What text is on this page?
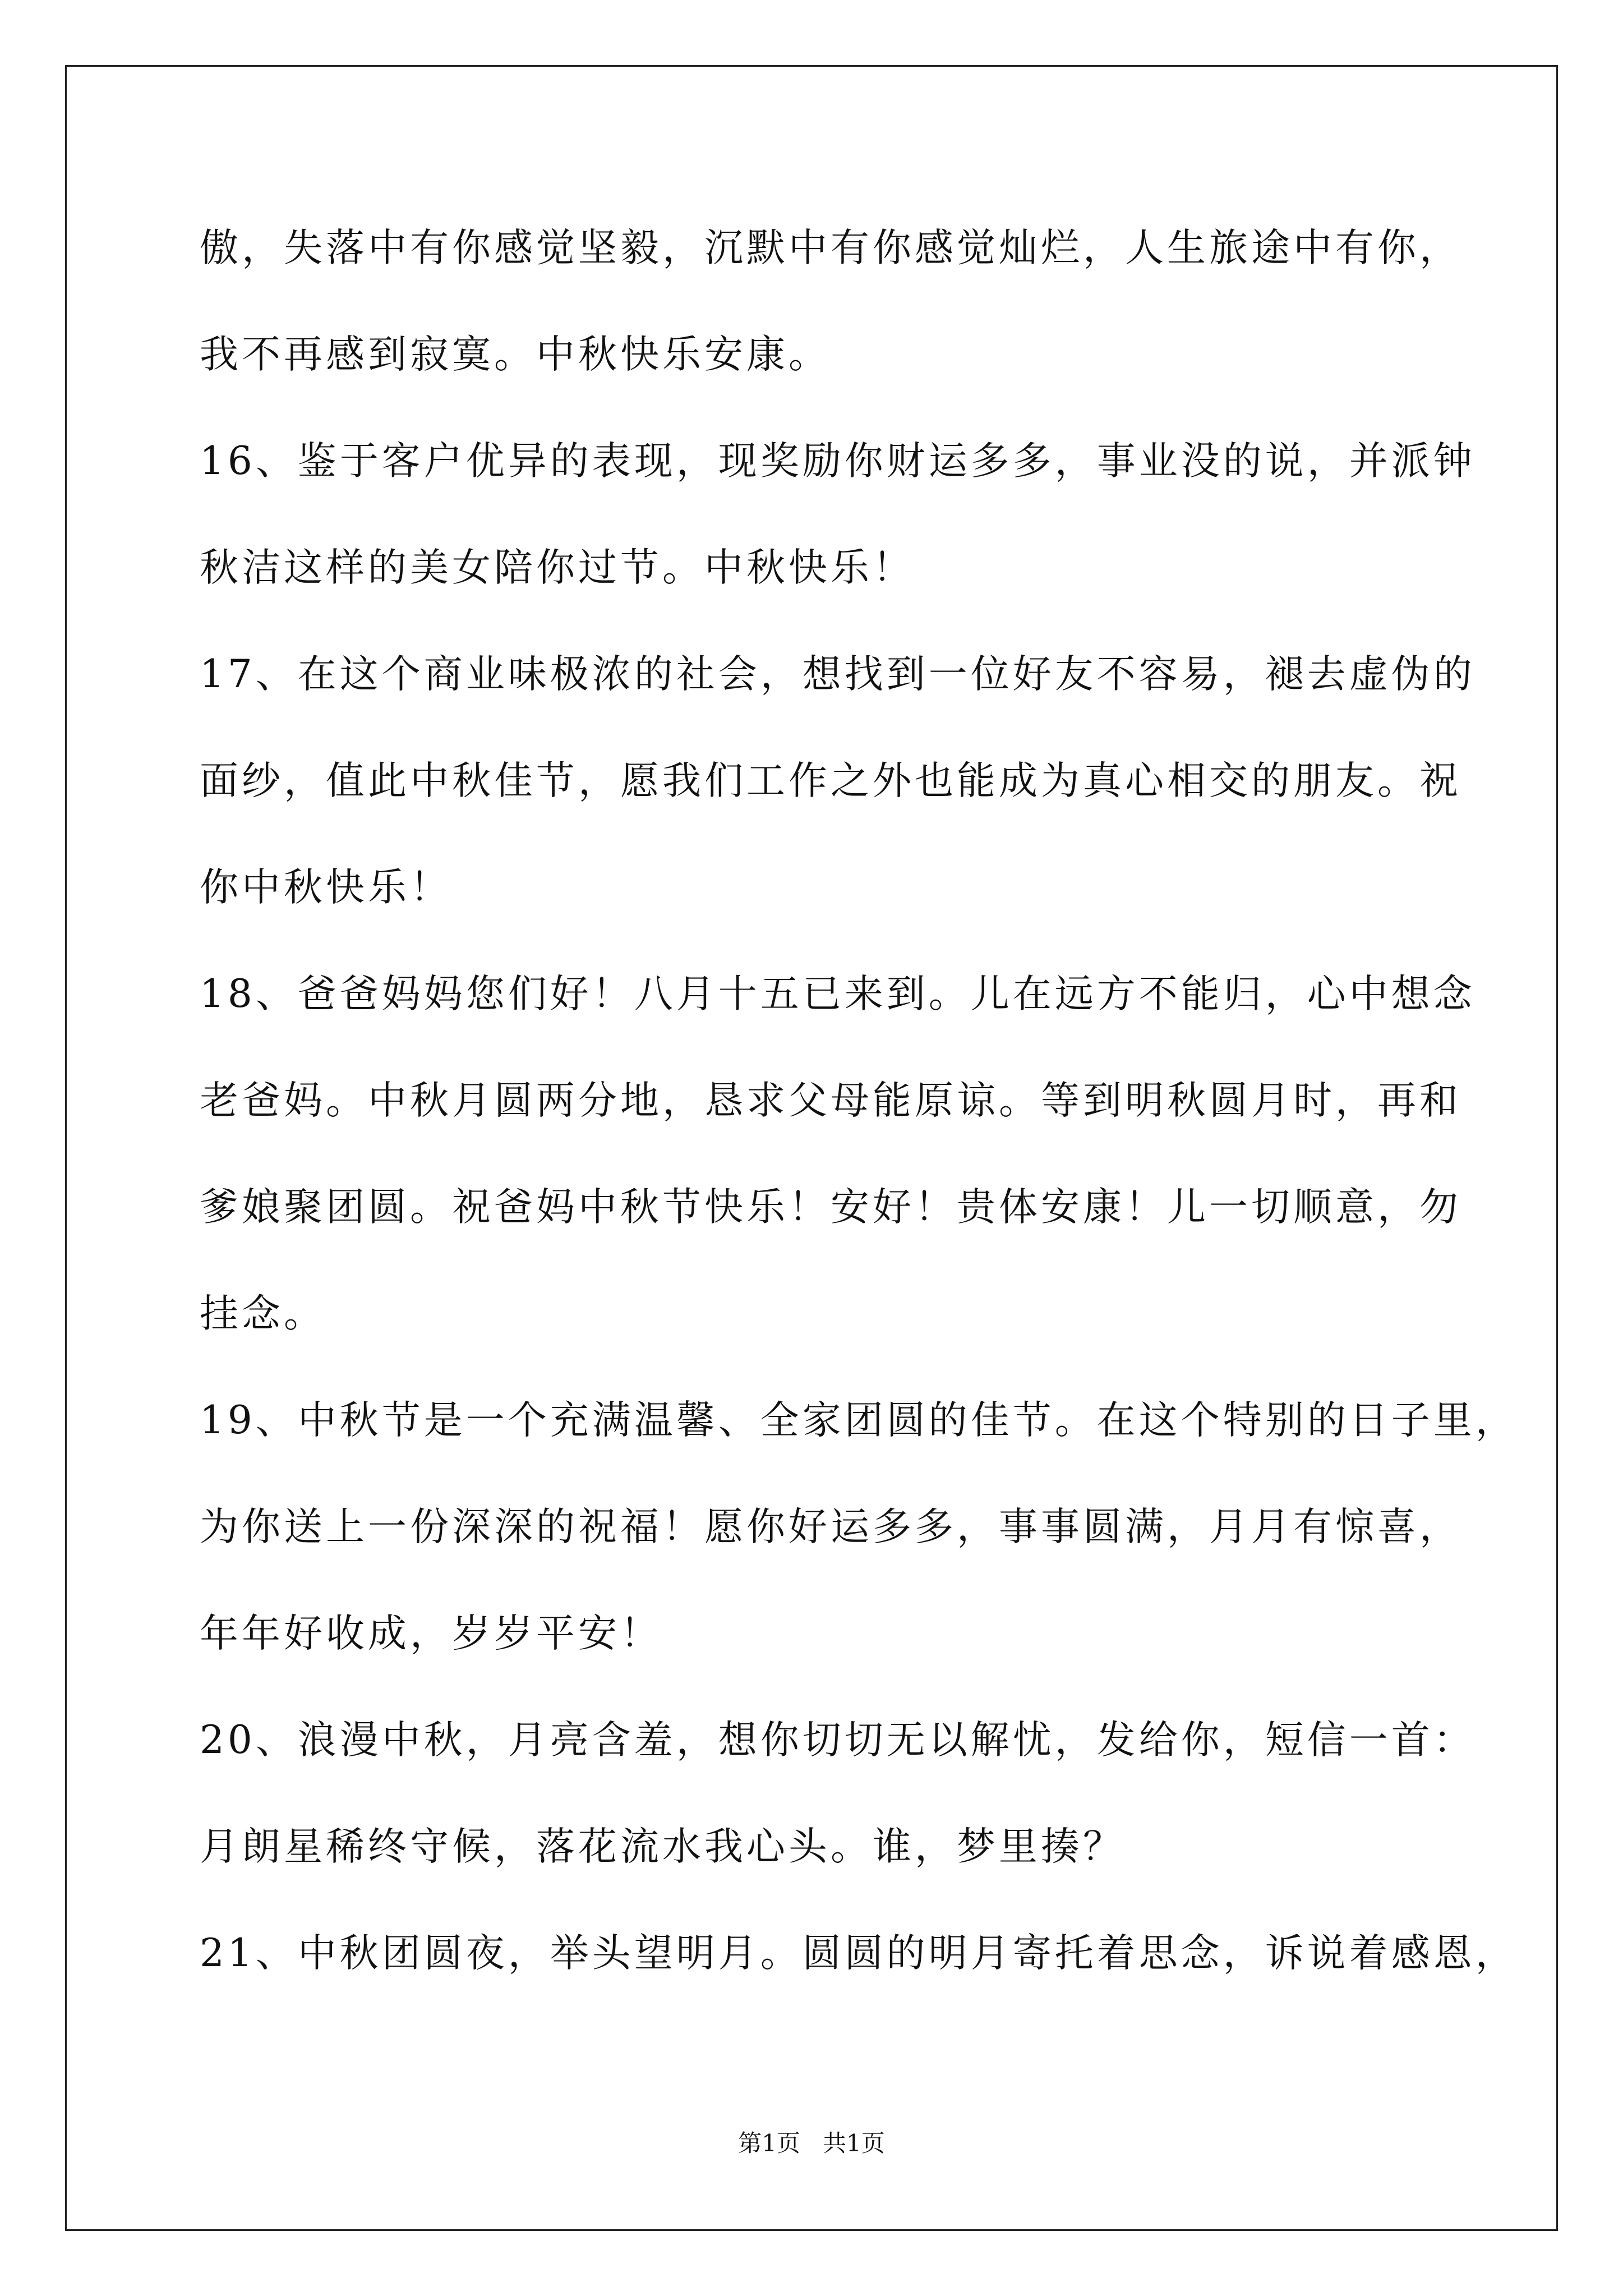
傲，失落中有你感觉坚毅，沉默中有你感觉灿烂，人生旅途中有你，
我不再感到寂寞。中秋快乐安康。
16、鉴于客户优异的表现，现奖励你财运多多，事业没的说，并派钟
秋洁这样的美女陪你过节。中秋快乐！
17、在这个商业味极浓的社会，想找到一位好友不容易，褪去虚伪的
面纱，值此中秋佳节，愿我们工作之外也能成为真心相交的朋友。祝
你中秋快乐！
18、爸爸妈妈您们好！八月十五已来到。儿在远方不能归，心中想念
老爸妈。中秋月圆两分地，恳求父母能原谅。等到明秋圆月时，再和
爹娘聚团圆。祝爸妈中秋节快乐！安好！贵体安康！儿一切顺意，勿
挂念。
19、中秋节是一个充满温馨、全家团圆的佳节。在这个特别的日子里，
为你送上一份深深的祝福！愿你好运多多，事事圆满，月月有惊喜，
年年好收成，岁岁平安！
20、浪漫中秋，月亮含羞，想你切切无以解忧，发给你，短信一首：
月朗星稀终守候，落花流水我心头。谁，梦里揍？
21、中秋团圆夜，举头望明月。圆圆的明月寄托着思念，诉说着感恩，
第1页   共1页
